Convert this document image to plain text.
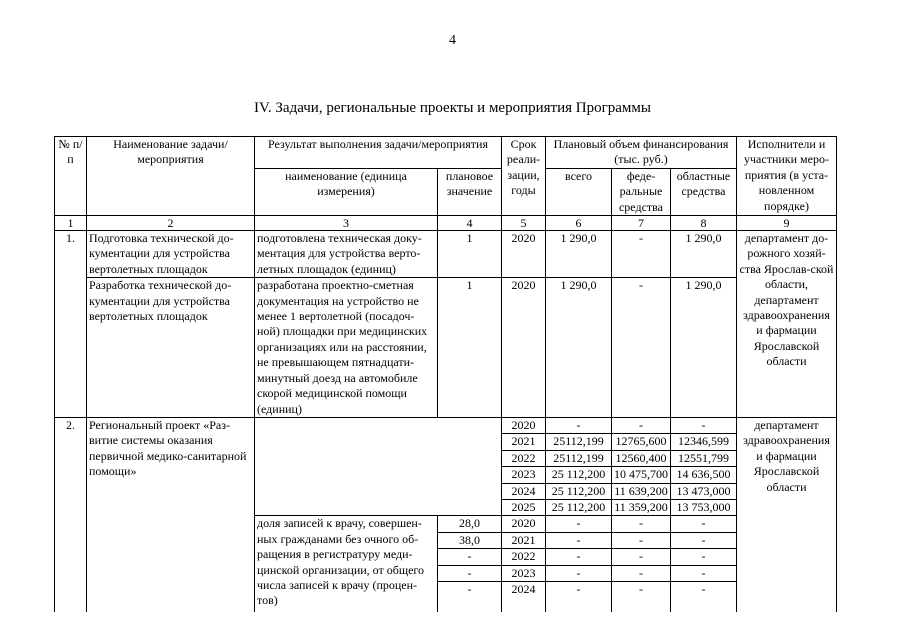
4
IV. Задачи, региональные проекты и мероприятия Программы
№ п/п	Наименование задачи/ мероприятия	Результат выполнения задачи/мероприятия		Срок реали-зации, годы	Плановый объем финансирования (тыс. руб.)			Исполнители и участники меро-приятия (в уста-новленном порядке)
		наименование (единица измерения)	плановое значение		всего	феде-ральные средства	областные средства	
1	2	3	4	5	6	7	8	9
1.	Подготовка технической до-кументации для устройства вертолетных площадок	подготовлена техническая доку-ментация для устройства верто-летных площадок (единиц)	1	2020	1 290,0	-	1 290,0	департамент до-рожного хозяй-ства Ярослав-ской области, департамент здравоохранения и фармации Ярославской области
	Разработка технической до-кументации для устройства вертолетных площадок	разработана проектно-сметная документация на устройство не менее 1 вертолетной (посадоч-ной) площадки при медицинских организациях или на расстоянии, не превышающем пятнадцати-минутный доезд на автомобиле скорой медицинской помощи (единиц)	1	2020	1 290,0	-	1 290,0	
2.	Региональный проект «Раз-витие системы оказания первичной медико-санитарной помощи»			2020	-	-	-	департамент здравоохранения и фармации Ярославской области
				2021	25112,199	12765,600	12346,599	
				2022	25112,199	12560,400	12551,799	
				2023	25 112,200	10 475,700	14 636,500	
				2024	25 112,200	11 639,200	13 473,000	
				2025	25 112,200	11 359,200	13 753,000	
		доля записей к врачу, совершен-ных гражданами без очного об-ращения в регистратуру меди-цинской организации, от общего числа записей к врачу (процен-тов)	28,0	2020	-	-	-	
			38,0	2021	-	-	-	
			-	2022	-	-	-	
			-	2023	-	-	-	
			-	2024	-	-	-	
